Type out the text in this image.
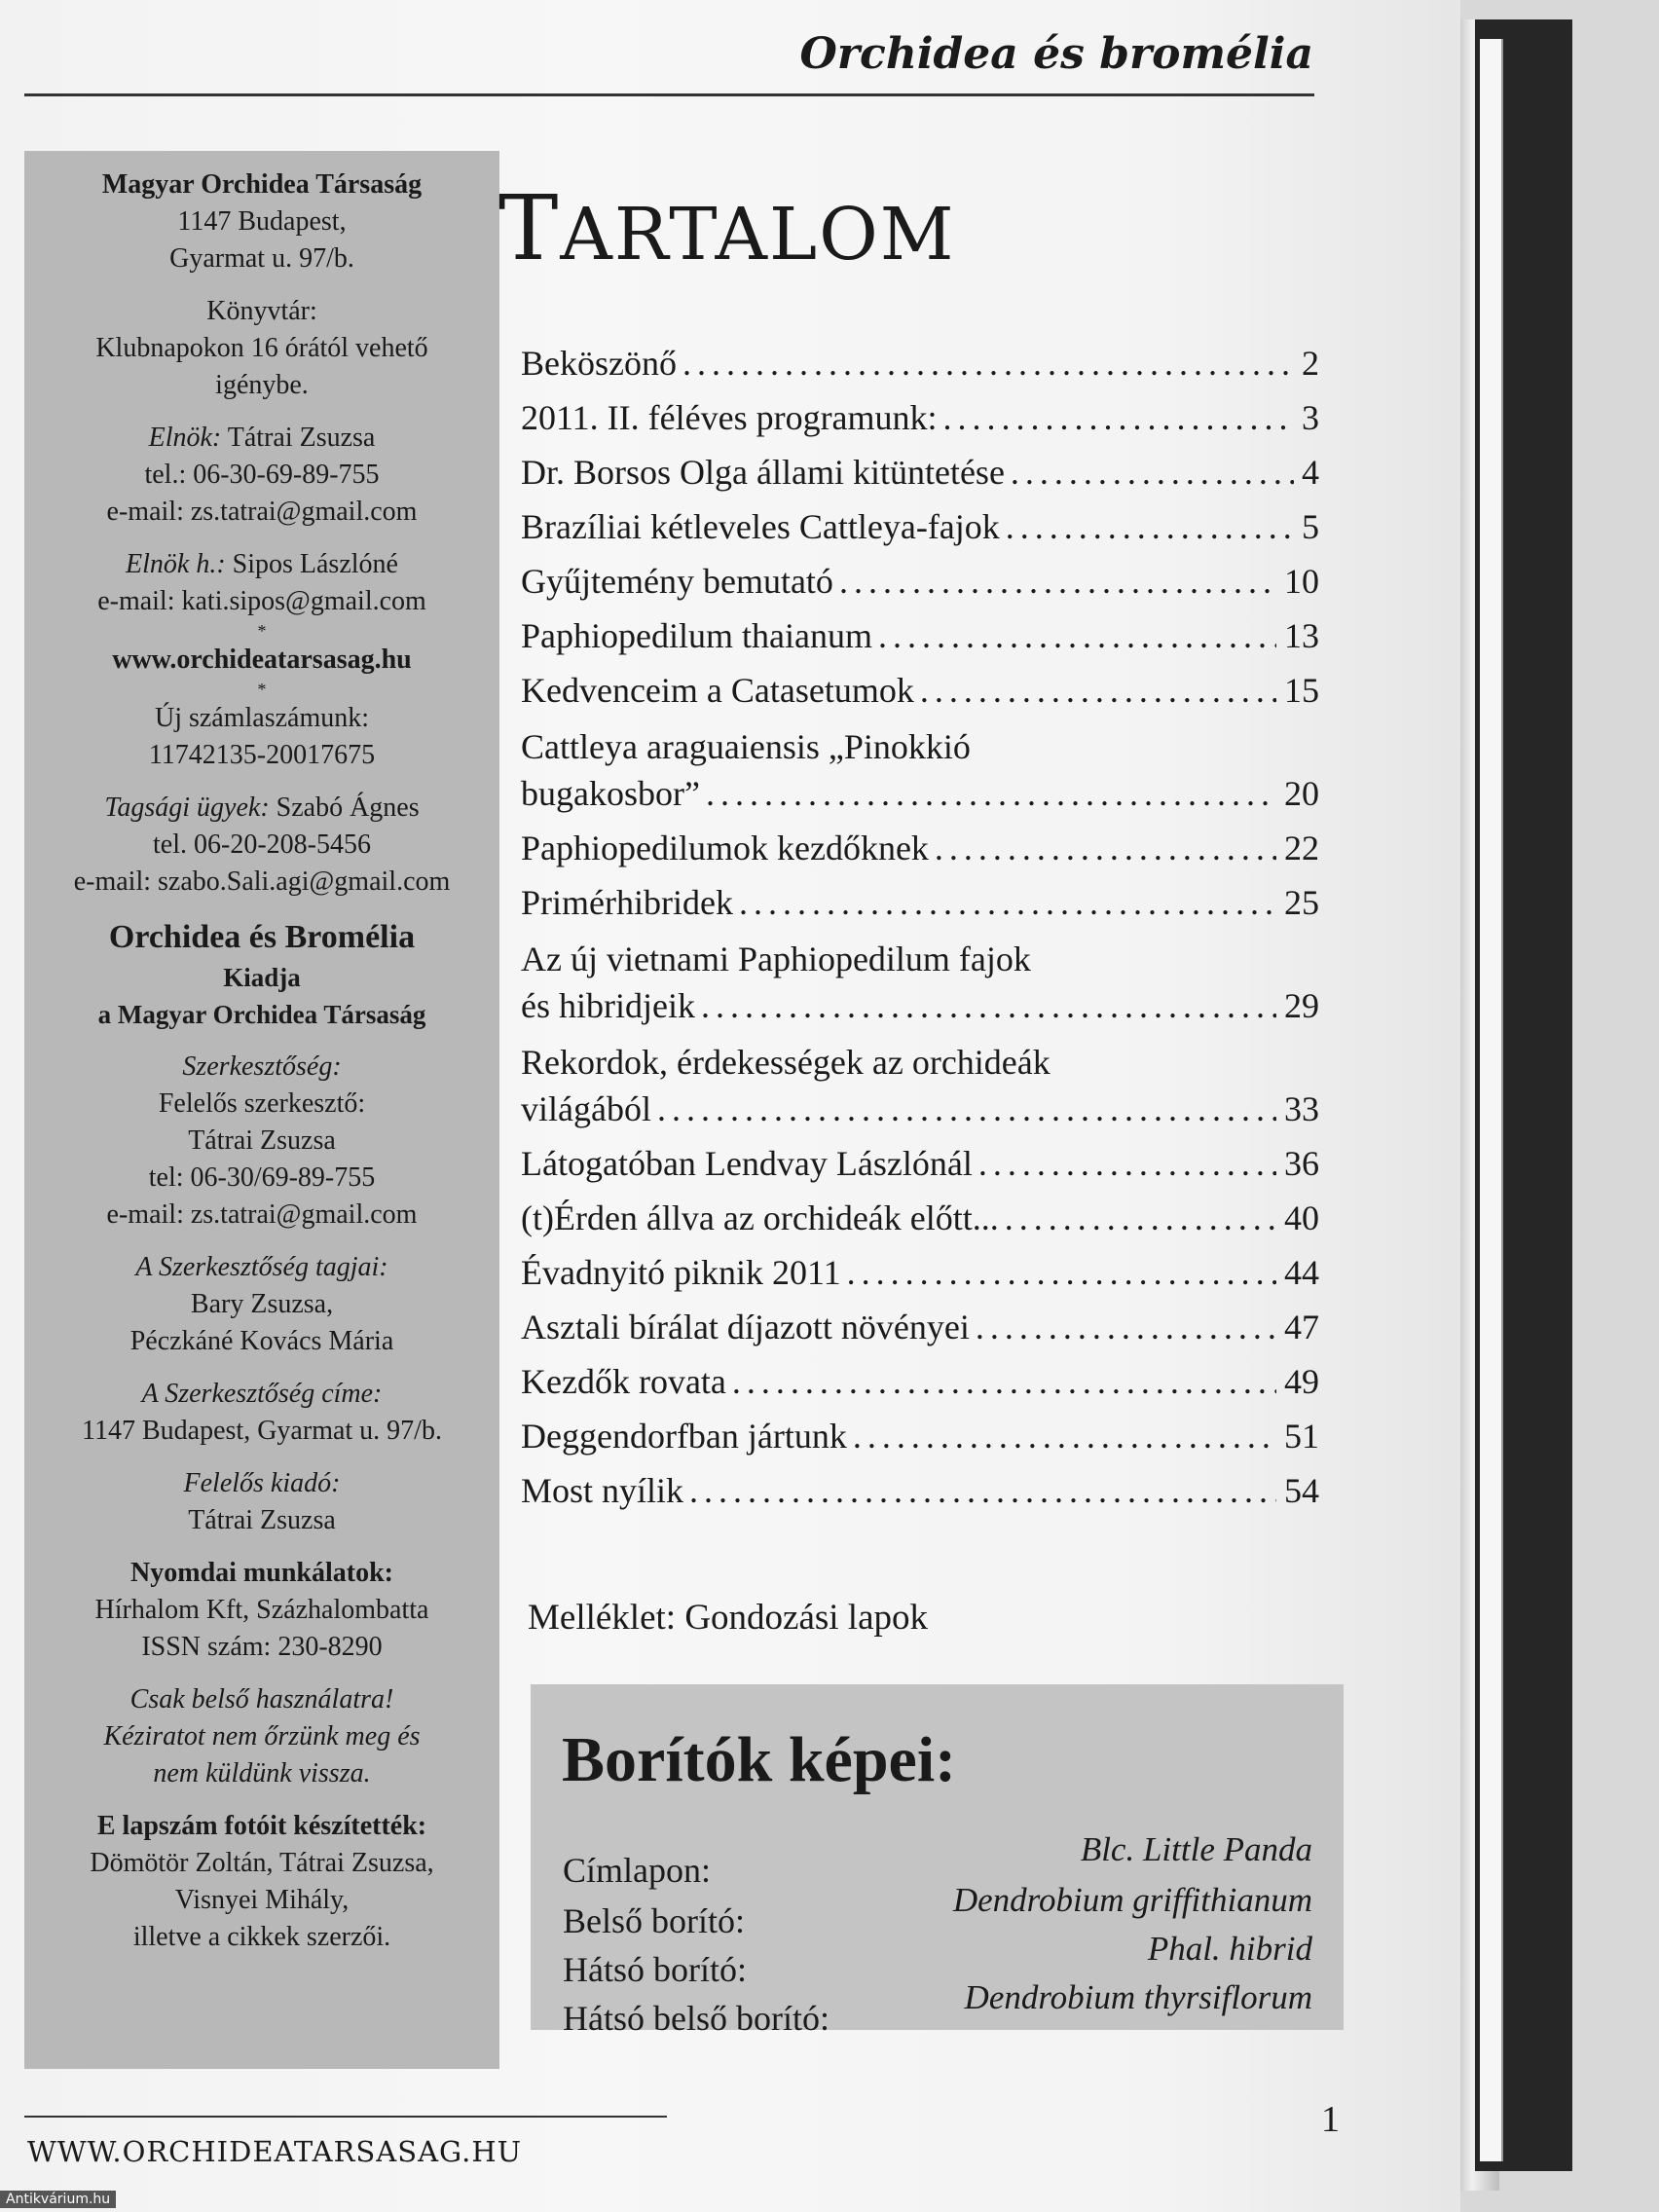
Orchidea és bromélia
Magyar Orchidea Társaság
1147 Budapest,
Gyarmat u. 97/b.
Könyvtár:
Klubnapokon 16 órától vehető
igénybe.
Elnök: Tátrai Zsuzsa
tel.: 06-30-69-89-755
e-mail: zs.tatrai@gmail.com
Elnök h.: Sipos Lászlóné
e-mail: kati.sipos@gmail.com
*
www.orchideatarsasag.hu
*
Új számlaszámunk:
11742135-20017675
Tagsági ügyek: Szabó Ágnes
tel. 06-20-208-5456
e-mail: szabo.Sali.agi@gmail.com
Orchidea és Bromélia
Kiadja
a Magyar Orchidea Társaság
Szerkesztőség:
Felelős szerkesztő:
Tátrai Zsuzsa
tel: 06-30/69-89-755
e-mail: zs.tatrai@gmail.com
A Szerkesztőség tagjai:
Bary Zsuzsa,
Péczkáné Kovács Mária
A Szerkesztőség címe:
1147 Budapest, Gyarmat u. 97/b.
Felelős kiadó:
Tátrai Zsuzsa
Nyomdai munkálatok:
Hírhalom Kft, Százhalombatta
ISSN szám: 230-8290
Csak belső használatra!
Kéziratot nem őrzünk meg és
nem küldünk vissza.
E lapszám fotóit készítették:
Dömötör Zoltán, Tátrai Zsuzsa,
Visnyei Mihály,
illetve a cikkek szerzői.
TARTALOM
Beköszönő .....	2
2011. II. féléves programunk: .....	3
Dr. Borsos Olga állami kitüntetése .....	4
Brazíliai kétleveles Cattleya-fajok .....	5
Gyűjtemény bemutató .....	10
Paphiopedilum thaianum .....	13
Kedvenceim a Catasetumok .....	15
Cattleya araguaiensis „Pinokkió
bugakosbor” .....	20
Paphiopedilumok kezdőknek .....	22
Primérhibridek .....	25
Az új vietnami Paphiopedilum fajok
és hibridjeik .....	29
Rekordok, érdekességek az orchideák
világából .....	33
Látogatóban Lendvay Lászlónál .....	36
(t)Érden állva az orchideák előtt... .....	40
Évadnyitó piknik 2011 .....	44
Asztali bírálat díjazott növényei .....	47
Kezdők rovata .....	49
Deggendorfban jártunk .....	51
Most nyílik .....	54
Melléklet: Gondozási lapok
Borítók képei:
Címlapon:
Blc. Little Panda
Belső borító:
Dendrobium griffithianum
Hátsó borító:
Phal. hibrid
Hátsó belső borító:
Dendrobium thyrsiflorum
WWW.ORCHIDEATARSASAG.HU
1
Antikvárium.hu
